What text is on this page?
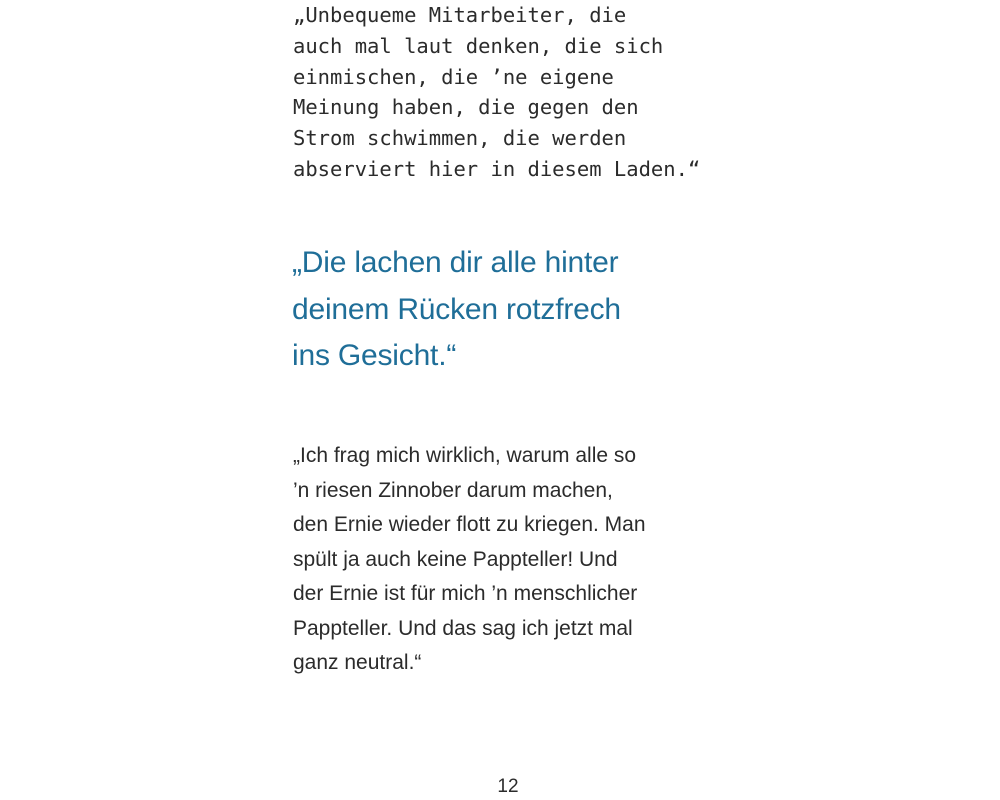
„Unbequeme Mitarbeiter, die
auch mal laut denken, die sich
einmischen, die ’ne eigene
Meinung haben, die gegen den
Strom schwimmen, die werden
abserviert hier in diesem Laden.“
„Die lachen dir alle hinter
deinem Rücken rotzfrech
ins Gesicht.“
„Ich frag mich wirklich, warum alle so
’n riesen Zinnober darum machen,
den Ernie wieder flott zu kriegen. Man
spült ja auch keine Pappteller! Und
der Ernie ist für mich ’n menschlicher
Pappteller. Und das sag ich jetzt mal
ganz neutral.“
12
